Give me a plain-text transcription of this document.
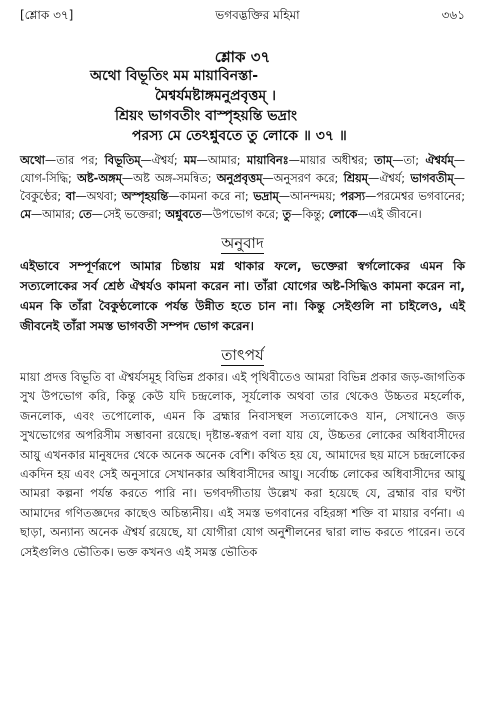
[শ্লোক ৩৭]	ভগবদ্ভক্তির মহিমা	৩৬১
শ্লোক ৩৭
অথো বিভূতিং মম মায়াবিনস্তা-
মৈশ্বর্যমষ্টাঙ্গমনুপ্রবৃত্তম্ ।
শ্রিয়ং ভাগবতীং বাস্পৃহয়ন্তি ভদ্রাং
পরস্য মে তেঽশ্নুবতে তু লোকে ॥ ৩৭ ॥
অথো—তার পর; বিভূতিম্—ঐশ্বর্য; মম—আমার; মায়াবিনঃ—মায়ার অধীশ্বর; তাম্—তা; ঐশ্বর্যম্—যোগ-সিদ্ধি; অষ্ট-অঙ্গম্—অষ্ট অঙ্গ-সমন্বিত; অনুপ্রবৃত্তম্—অনুসরণ করে; শ্রিয়ম্—ঐশ্বর্য; ভাগবতীম্—বৈকুণ্ঠের; বা—অথবা; অস্পৃহয়ন্তি—কামনা করে না; ভদ্রাম্—আনন্দময়; পরস্য—পরমেশ্বর ভগবানের; মে—আমার; তে—সেই ভক্তেরা; অশ্নুবতে—উপভোগ করে; তু—কিন্তু; লোকে—এই জীবনে।
অনুবাদ
এইভাবে সম্পূর্ণরূপে আমার চিন্তায় মগ্ন থাকার ফলে, ভক্তেরা স্বর্গলোকের এমন কি সত্যলোকের সর্ব শ্রেষ্ঠ ঐশ্বর্যও কামনা করেন না। তাঁরা যোগের অষ্ট-সিদ্ধিও কামনা করেন না, এমন কি তাঁরা বৈকুণ্ঠলোকে পর্যন্ত উন্নীত হতে চান না। কিন্তু সেইগুলি না চাইলেও, এই জীবনেই তাঁরা সমস্ত ভাগবতী সম্পদ ভোগ করেন।
তাৎপর্য
মায়া প্রদত্ত বিভূতি বা ঐশ্বর্যসমূহ বিভিন্ন প্রকার। এই পৃথিবীতেও আমরা বিভিন্ন প্রকার জড়-জাগতিক সুখ উপভোগ করি, কিন্তু কেউ যদি চন্দ্রলোক, সূর্যলোক অথবা তার থেকেও উচ্চতর মহর্লোক, জনলোক, এবং তপোলোক, এমন কি ব্রহ্মার নিবাসস্থল সত্যলোকেও যান, সেখানেও জড় সুখভোগের অপরিসীম সম্ভাবনা রয়েছে। দৃষ্টান্ত-স্বরূপ বলা যায় যে, উচ্চতর লোকের অধিবাসীদের আয়ু এখনকার মানুষদের থেকে অনেক অনেক বেশি। কথিত হয় যে, আমাদের ছয় মাসে চন্দ্রলোকের একদিন হয় এবং সেই অনুসারে সেখানকার অধিবাসীদের আয়ু। সর্বোচ্চ লোকের অধিবাসীদের আয়ু আমরা কল্পনা পর্যন্ত করতে পারি না। ভগবদ্গীতায় উল্লেখ করা হয়েছে যে, ব্রহ্মার বার ঘণ্টা আমাদের গণিতজ্ঞদের কাছেও অচিন্ত্যনীয়। এই সমস্ত ভগবানের বহিরঙ্গা শক্তি বা মায়ার বর্ণনা। এ ছাড়া, অন্যান্য অনেক ঐশ্বর্য রয়েছে, যা যোগীরা যোগ অনুশীলনের দ্বারা লাভ করতে পারেন। তবে সেইগুলিও ভৌতিক। ভক্ত কখনও এই সমস্ত ভৌতিক
